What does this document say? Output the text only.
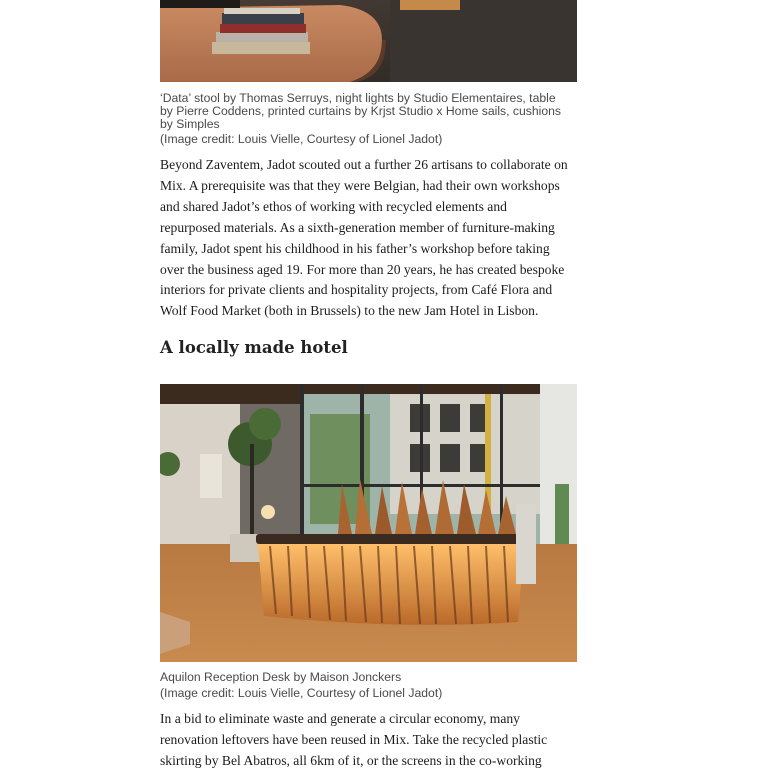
‘Data’ stool by Thomas Serruys, night lights by Studio Elementaires, table
by Pierre Coddens, printed curtains by Krjst Studio x Home sails, cushions
by Simples
(Image credit: Louis Vielle, Courtesy of Lionel Jadot)
Beyond Zaventem, Jadot scouted out a further 26 artisans to collaborate on
Mix. A prerequisite was that they were Belgian, had their own workshops
and shared Jadot’s ethos of working with recycled elements and
repurposed materials. As a sixth-generation member of furniture-making
family, Jadot spent his childhood in his father’s workshop before taking
over the business aged 19. For more than 20 years, he has created bespoke
interiors for private clients and hospitality projects, from Café Flora and
Wolf Food Market (both in Brussels) to the new Jam Hotel in Lisbon.
A locally made hotel
Aquilon Reception Desk by Maison Jonckers
(Image credit: Louis Vielle, Courtesy of Lionel Jadot)
In a bid to eliminate waste and generate a circular economy, many
renovation leftovers have been reused in Mix. Take the recycled plastic
skirting by Bel Abatros, all 6km of it, or the screens in the co-working
